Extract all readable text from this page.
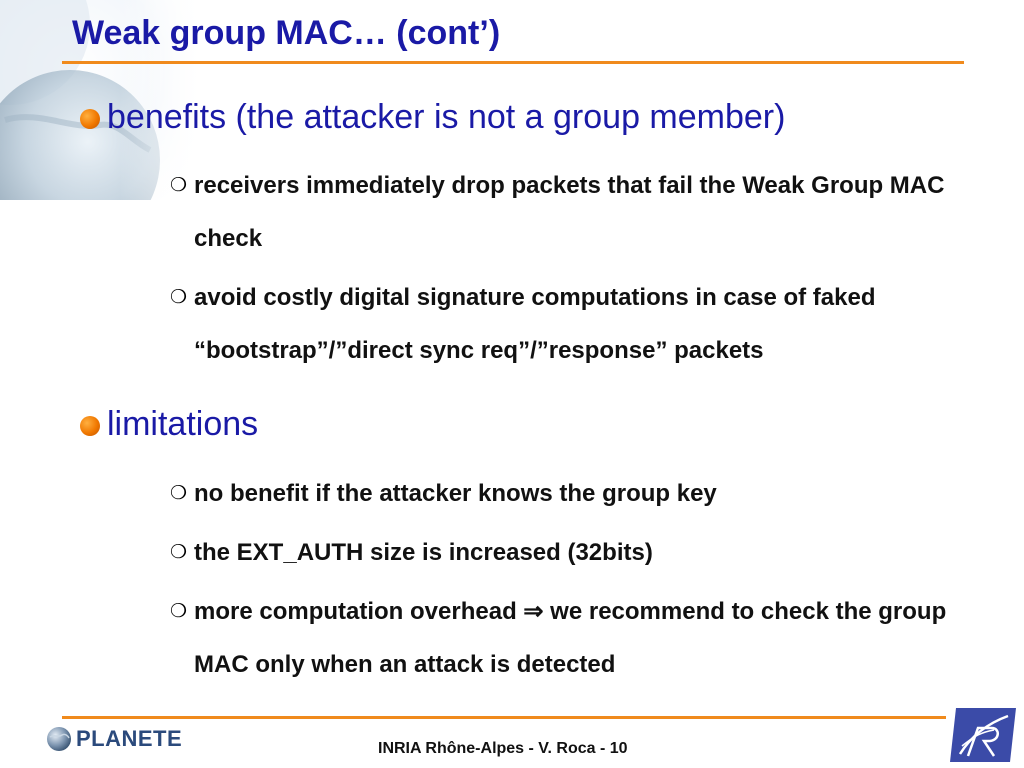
Weak group MAC… (cont’)
benefits (the attacker is not a group member)
❍ receivers immediately drop packets that fail the Weak Group MAC check
❍ avoid costly digital signature computations in case of faked “bootstrap”/”direct sync req”/”response” packets
limitations
❍ no benefit if the attacker knows the group key
❍ the EXT_AUTH size is increased (32bits)
❍ more computation overhead ⇒ we recommend to check the group MAC only when an attack is detected
PLANETE	INRIA Rhône-Alpes - V. Roca - 10
